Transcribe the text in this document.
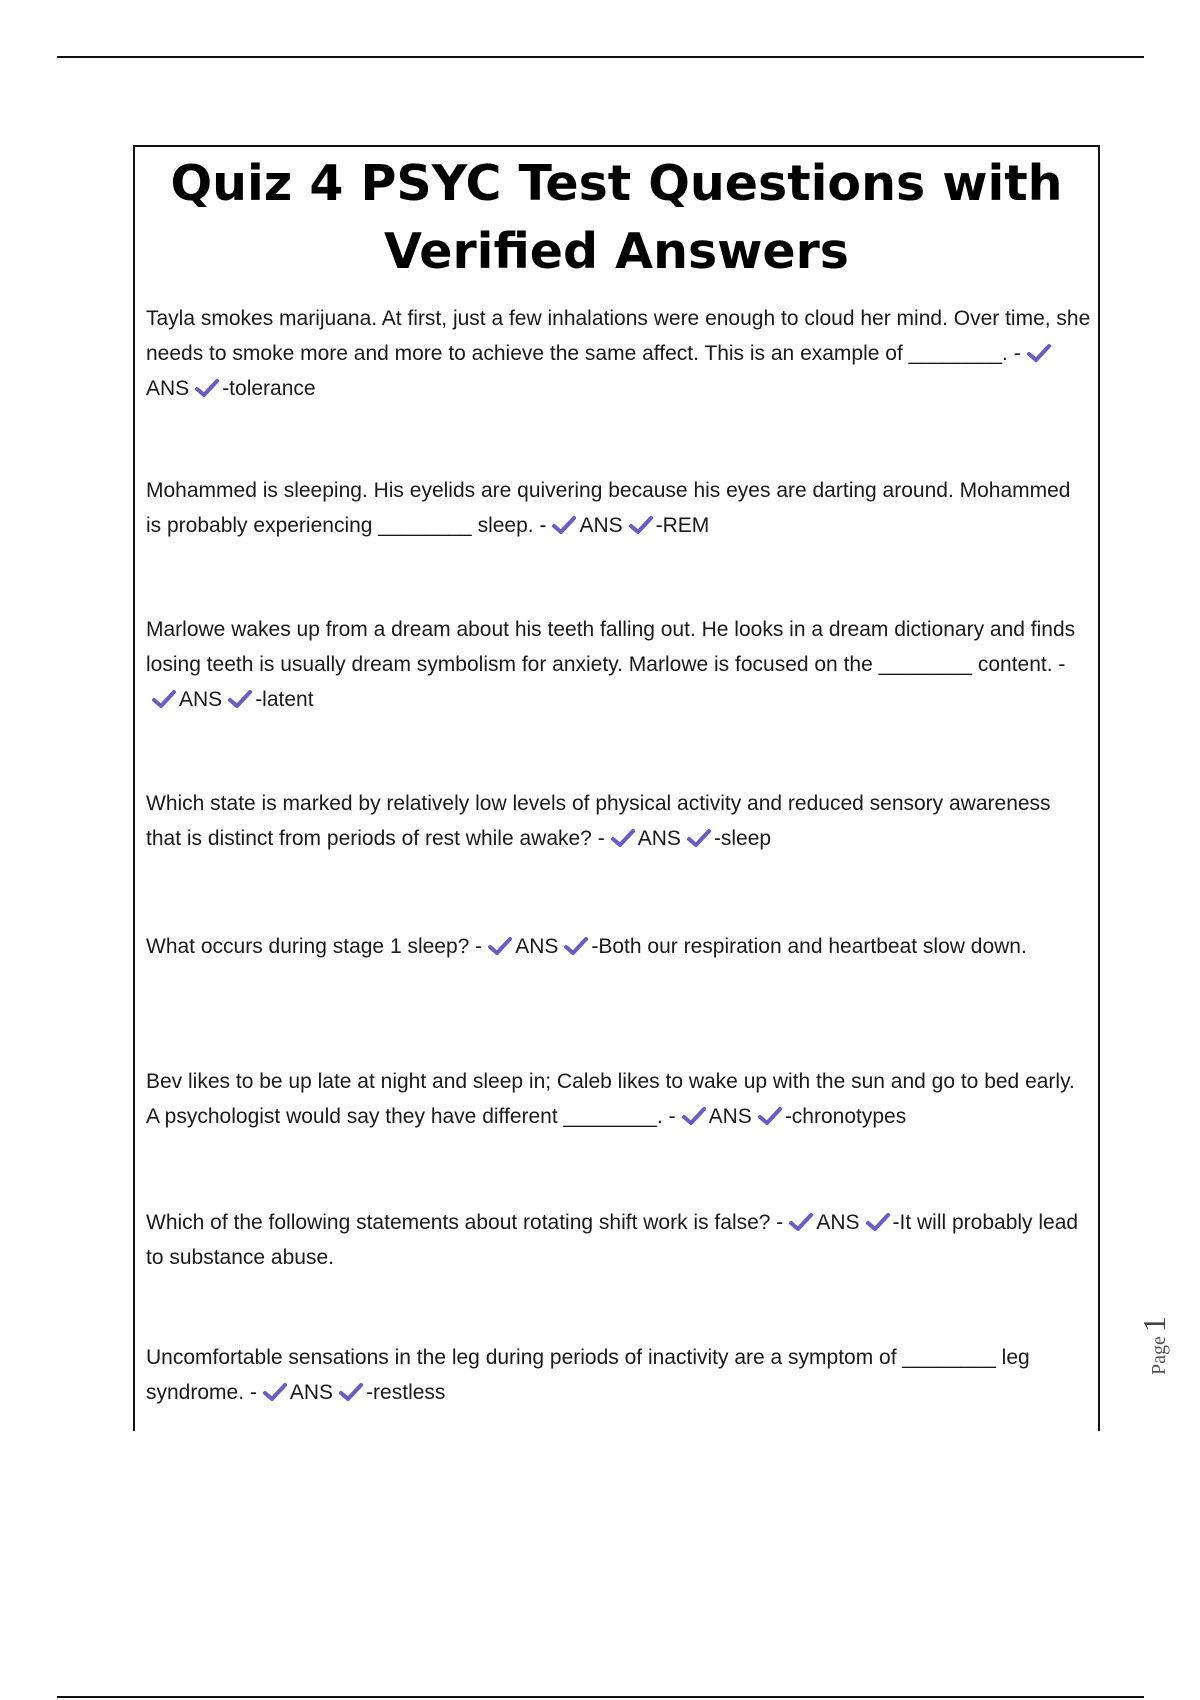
Quiz 4 PSYC Test Questions with
Verified Answers

Tayla smokes marijuana. At first, just a few inhalations were enough to cloud her mind. Over time, she needs to smoke more and more to achieve the same affect. This is an example of ________. -
ANS -tolerance

Mohammed is sleeping. His eyelids are quivering because his eyes are darting around. Mohammed is probably experiencing ________ sleep. - ANS -REM

Marlowe wakes up from a dream about his teeth falling out. He looks in a dream dictionary and finds losing teeth is usually dream symbolism for anxiety. Marlowe is focused on the ________ content. -
ANS -latent

Which state is marked by relatively low levels of physical activity and reduced sensory awareness that is distinct from periods of rest while awake? - ANS -sleep

What occurs during stage 1 sleep? - ANS -Both our respiration and heartbeat slow down.

Bev likes to be up late at night and sleep in; Caleb likes to wake up with the sun and go to bed early. A psychologist would say they have different ________. - ANS -chronotypes

Which of the following statements about rotating shift work is false? - ANS -It will probably lead to substance abuse.

Uncomfortable sensations in the leg during periods of inactivity are a symptom of ________ leg syndrome. - ANS -restless

Page 1
